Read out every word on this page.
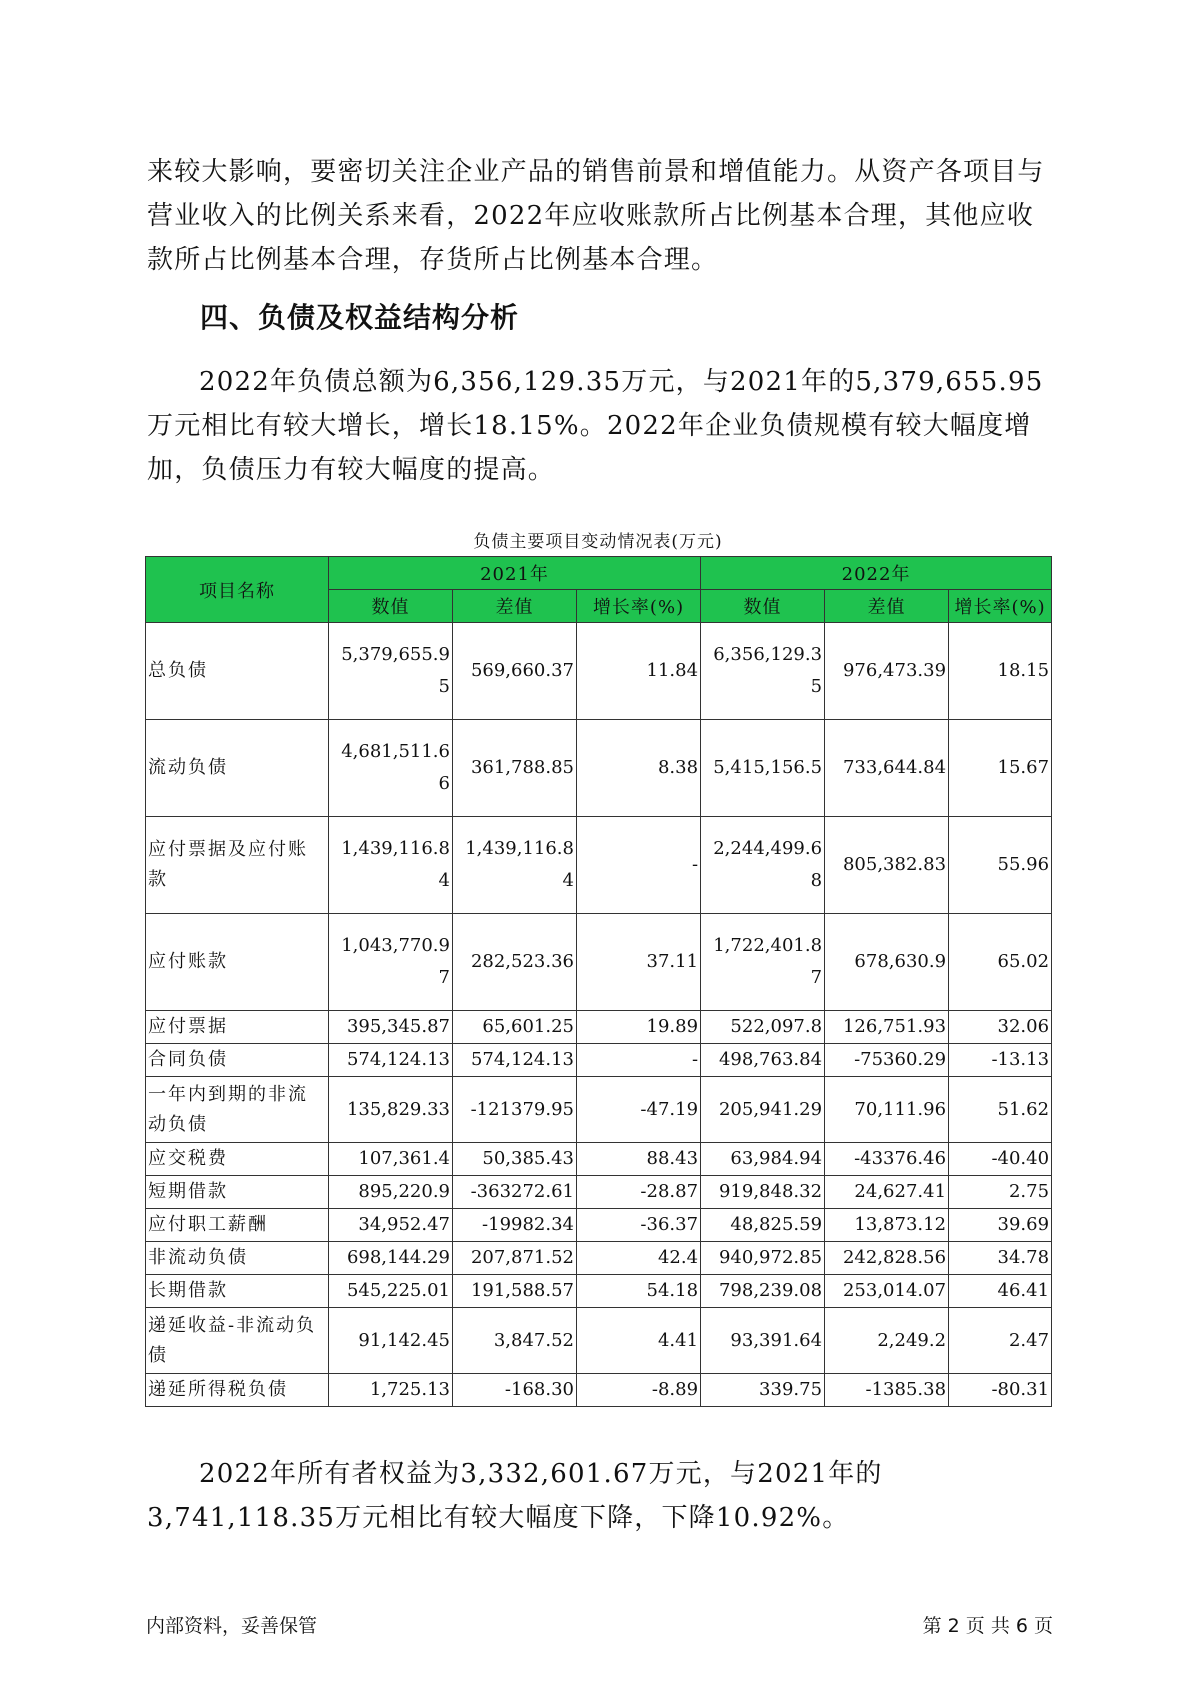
来较大影响，要密切关注企业产品的销售前景和增值能力。从资产各项目与营业收入的比例关系来看，2022年应收账款所占比例基本合理，其他应收款所占比例基本合理，存货所占比例基本合理。

四、负债及权益结构分析

2022年负债总额为6,356,129.35万元，与2021年的5,379,655.95万元相比有较大增长，增长18.15%。2022年企业负债规模有较大幅度增加，负债压力有较大幅度的提高。

负债主要项目变动情况表(万元)
项目名称	2021年			2022年		
	数值	差值	增长率(%)	数值	差值	增长率(%)
总负债	5,379,655.95	569,660.37	11.84	6,356,129.35	976,473.39	18.15
流动负债	4,681,511.66	361,788.85	8.38	5,415,156.5	733,644.84	15.67
应付票据及应付账款	1,439,116.84	1,439,116.84	-	2,244,499.68	805,382.83	55.96
应付账款	1,043,770.97	282,523.36	37.11	1,722,401.87	678,630.9	65.02
应付票据	395,345.87	65,601.25	19.89	522,097.8	126,751.93	32.06
合同负债	574,124.13	574,124.13	-	498,763.84	-75360.29	-13.13
一年内到期的非流动负债	135,829.33	-121379.95	-47.19	205,941.29	70,111.96	51.62
应交税费	107,361.4	50,385.43	88.43	63,984.94	-43376.46	-40.40
短期借款	895,220.9	-363272.61	-28.87	919,848.32	24,627.41	2.75
应付职工薪酬	34,952.47	-19982.34	-36.37	48,825.59	13,873.12	39.69
非流动负债	698,144.29	207,871.52	42.4	940,972.85	242,828.56	34.78
长期借款	545,225.01	191,588.57	54.18	798,239.08	253,014.07	46.41
递延收益-非流动负债	91,142.45	3,847.52	4.41	93,391.64	2,249.2	2.47
递延所得税负债	1,725.13	-168.30	-8.89	339.75	-1385.38	-80.31

2022年所有者权益为3,332,601.67万元，与2021年的3,741,118.35万元相比有较大幅度下降，下降10.92%。

内部资料，妥善保管	第 2 页 共 6 页
